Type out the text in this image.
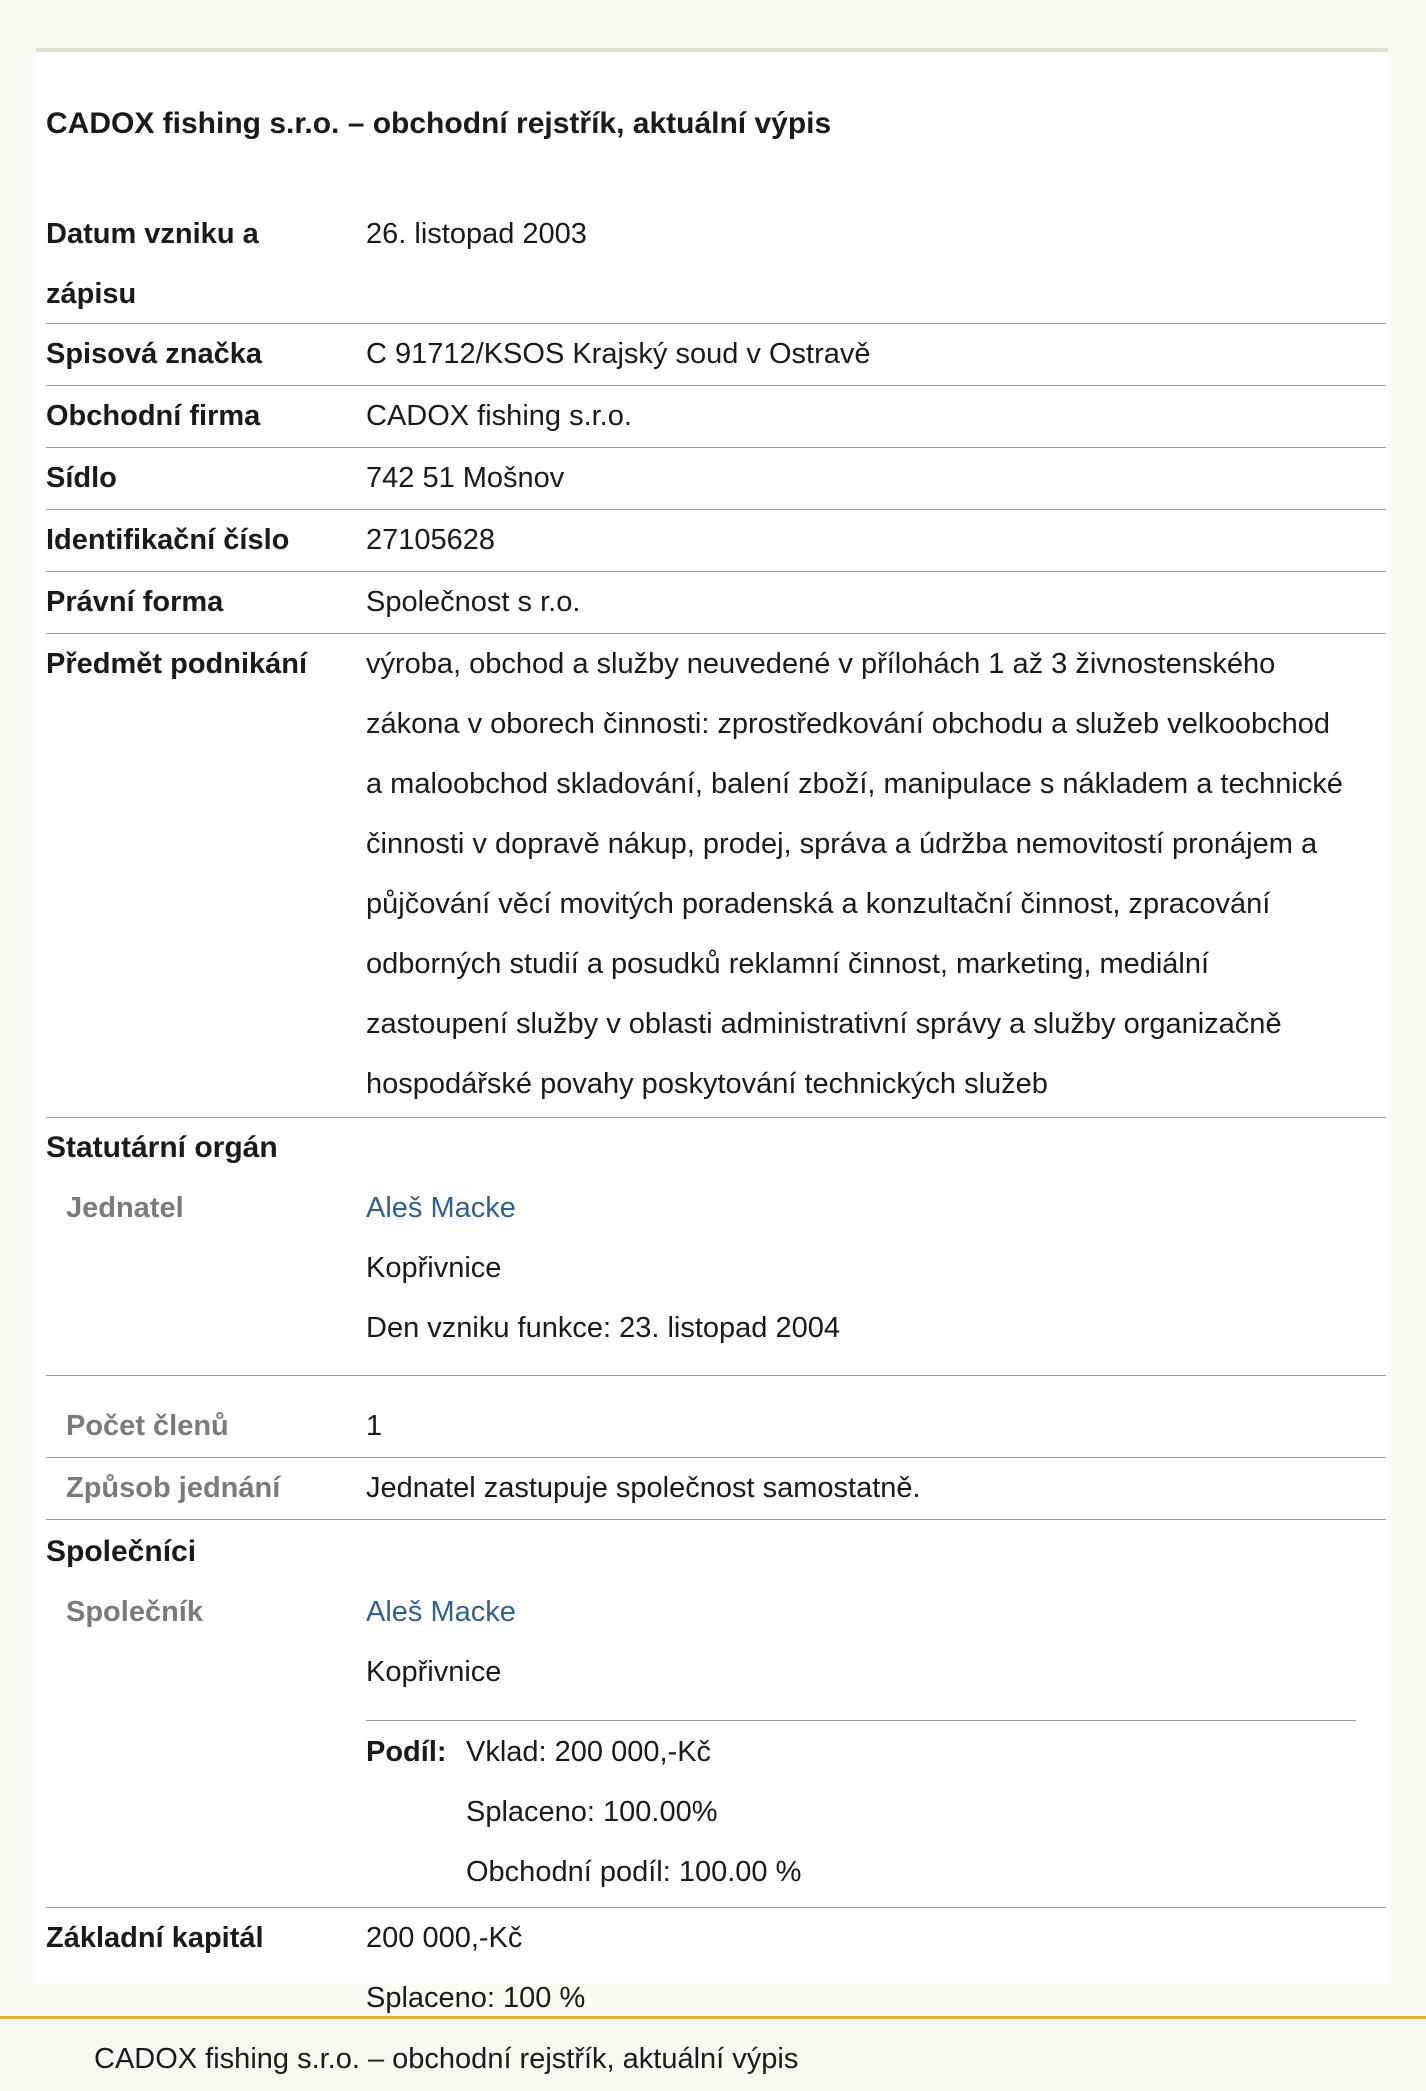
CADOX fishing s.r.o. – obchodní rejstřík, aktuální výpis
Datum vzniku a
zápisu
26. listopad 2003
Spisová značka	C 91712/KSOS Krajský soud v Ostravě
Obchodní firma	CADOX fishing s.r.o.
Sídlo	742 51 Mošnov
Identifikační číslo	27105628
Právní forma	Společnost s r.o.
Předmět podnikání	výroba, obchod a služby neuvedené v přílohách 1 až 3 živnostenského
zákona v oborech činnosti: zprostředkování obchodu a služeb velkoobchod
a maloobchod skladování, balení zboží, manipulace s nákladem a technické
činnosti v dopravě nákup, prodej, správa a údržba nemovitostí pronájem a
půjčování věcí movitých poradenská a konzultační činnost, zpracování
odborných studií a posudků reklamní činnost, marketing, mediální
zastoupení služby v oblasti administrativní správy a služby organizačně
hospodářské povahy poskytování technických služeb
Statutární orgán
Jednatel	Aleš Macke
Kopřivnice
Den vzniku funkce: 23. listopad 2004
Počet členů	1
Způsob jednání	Jednatel zastupuje společnost samostatně.
Společníci
Společník	Aleš Macke
Kopřivnice
Podíl: Vklad: 200 000,-Kč
Splaceno: 100.00%
Obchodní podíl: 100.00 %
Základní kapitál	200 000,-Kč
Splaceno: 100 %
CADOX fishing s.r.o. – obchodní rejstřík, aktuální výpis
